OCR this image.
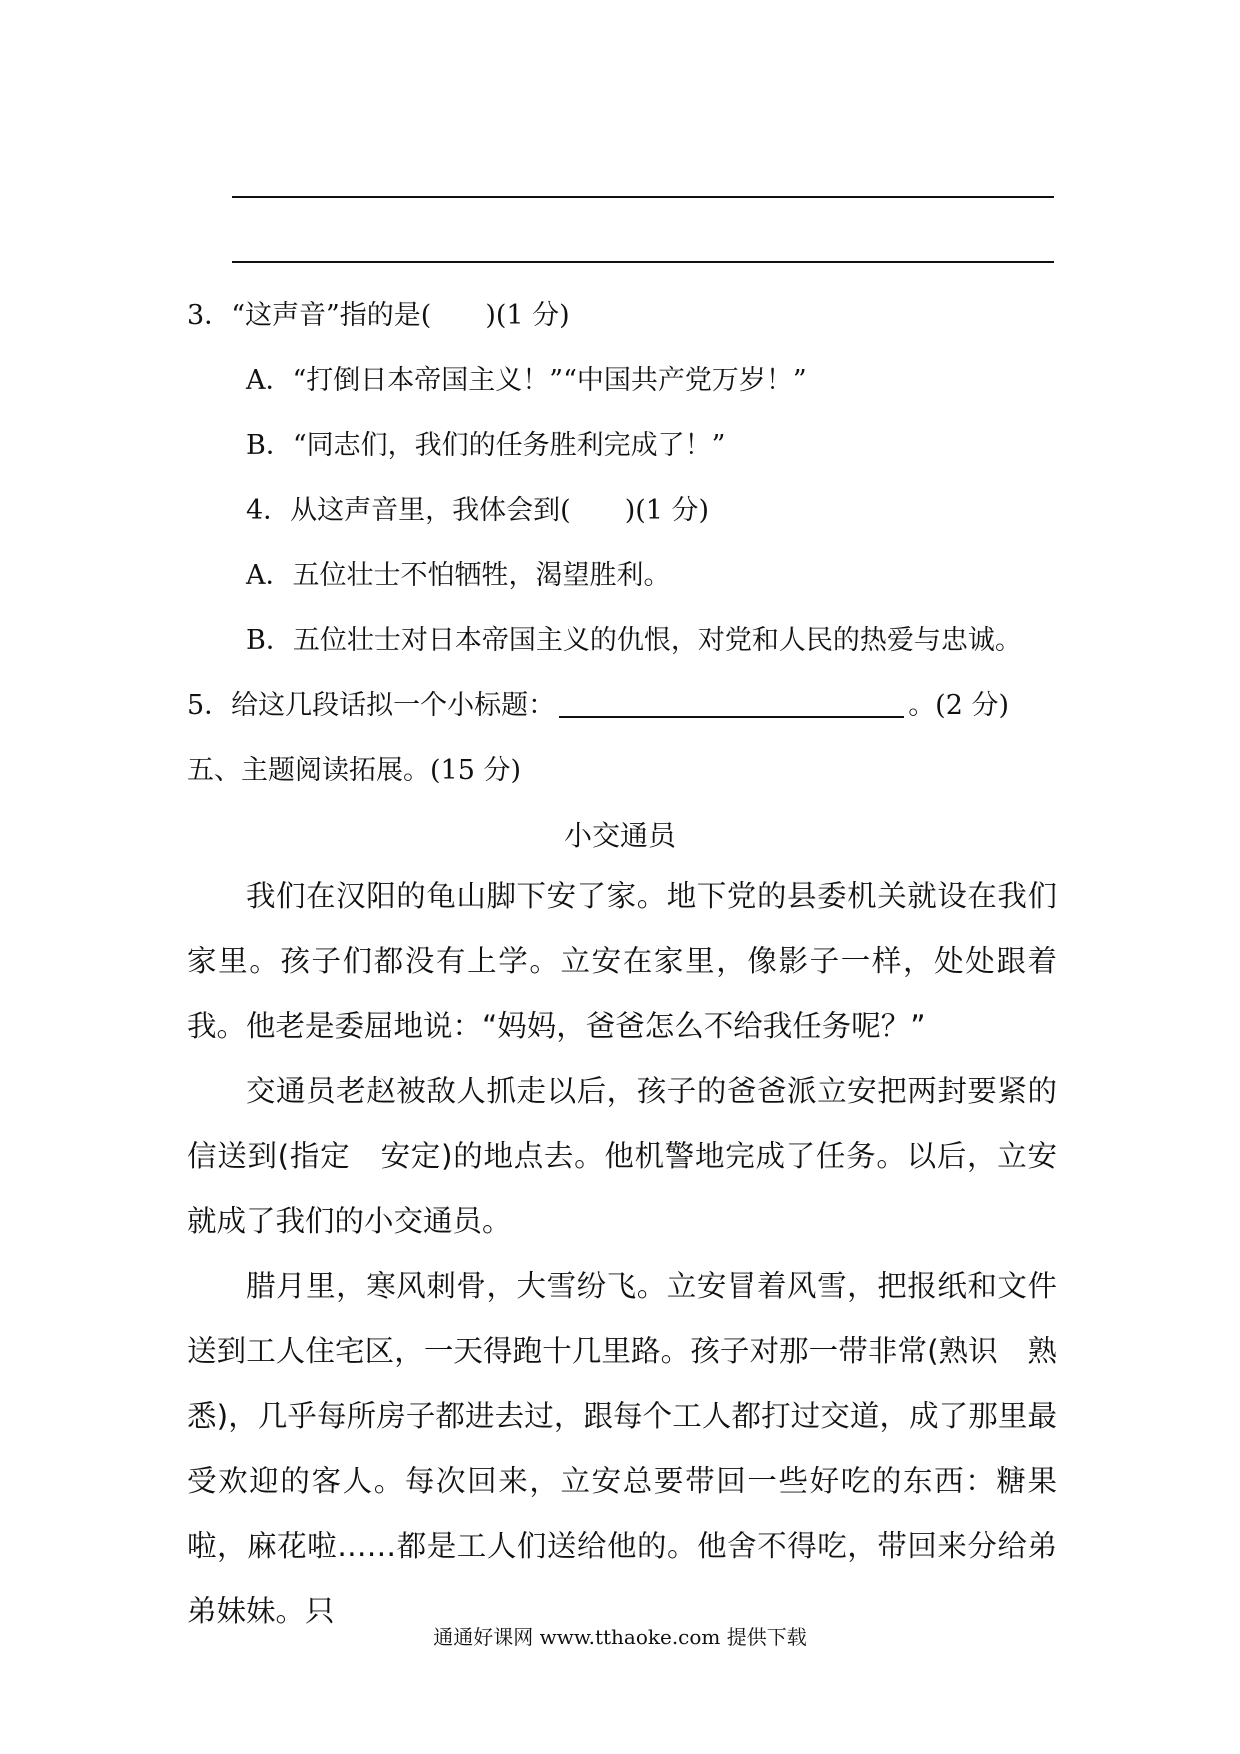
3．“这声音”指的是(　　)(1 分)
A．“打倒日本帝国主义！”“中国共产党万岁！”
B．“同志们，我们的任务胜利完成了！”
4．从这声音里，我体会到(　　)(1 分)
A．五位壮士不怕牺牲，渴望胜利。
B．五位壮士对日本帝国主义的仇恨，对党和人民的热爱与忠诚。
5．给这几段话拟一个小标题：	。(2 分)
五、主题阅读拓展。(15 分)
小交通员

我们在汉阳的龟山脚下安了家。地下党的县委机关就设在我们家里。孩子们都没有上学。立安在家里，像影子一样，处处跟着我。他老是委屈地说：“妈妈，爸爸怎么不给我任务呢？”

交通员老赵被敌人抓走以后，孩子的爸爸派立安把两封要紧的信送到(指定　安定)的地点去。他机警地完成了任务。以后，立安就成了我们的小交通员。

腊月里，寒风刺骨，大雪纷飞。立安冒着风雪，把报纸和文件送到工人住宅区，一天得跑十几里路。孩子对那一带非常(熟识　熟悉)，几乎每所房子都进去过，跟每个工人都打过交道，成了那里最受欢迎的客人。每次回来，立安总要带回一些好吃的东西：糖果啦，麻花啦……都是工人们送给他的。他舍不得吃，带回来分给弟弟妹妹。只

通通好课网 www.tthaoke.com 提供下载
